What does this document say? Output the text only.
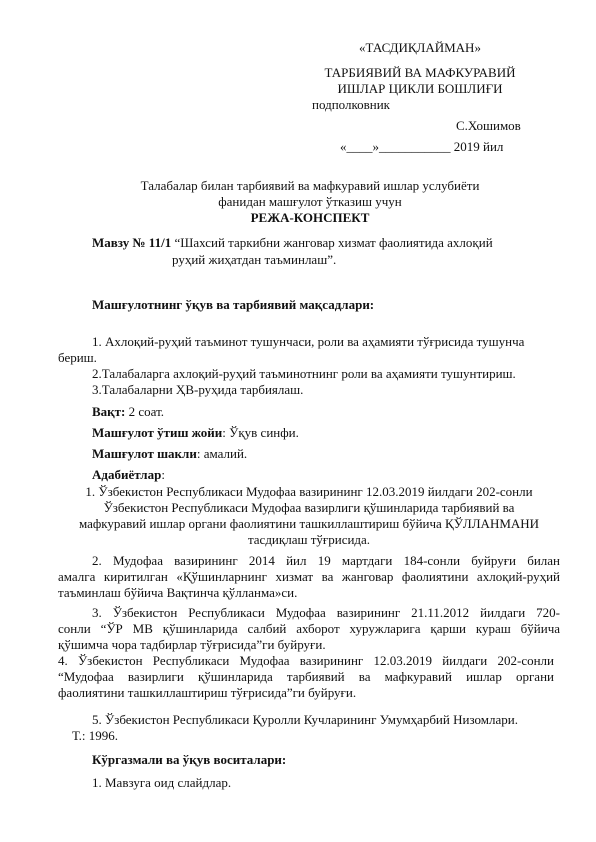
«ТАСДИҚЛАЙМАН»
ТАРБИЯВИЙ ВА МАФКУРАВИЙ
ИШЛАР ЦИКЛИ БОШЛИҒИ
подполковник
С.Хошимов
«____»___________ 2019 йил
Талабалар билан тарбиявий ва мафкуравий ишлар услубиёти
фанидан машғулот ўтказиш учун
РЕЖА-КОНСПЕКТ
Мавзу № 11/1 “Шахсий таркибни жанговар хизмат фаолиятида ахлоқий
руҳий жиҳатдан таъминлаш”.
Машғулотнинг ўқув ва тарбиявий мақсадлари:
1. Ахлоқий-руҳий таъминот тушунчаси, роли ва аҳамияти тўғрисида тушунча
бериш.
2.Талабаларга ахлоқий-руҳий таъминотнинг роли ва аҳамияти тушунтириш.
3.Талабаларни ҲВ-руҳида тарбиялаш.
Вақт: 2 соат.
Машғулот ўтиш жойи: Ўқув синфи.
Машғулот шакли: амалий.
Адабиётлар:
1. Ўзбекистон Республикаси Мудофаа вазирининг 12.03.2019 йилдаги 202-сонли
Ўзбекистон Республикаси Мудофаа вазирлиги қўшинларида тарбиявий ва
мафкуравий ишлар органи фаолиятини ташкиллаштириш бўйича ҚЎЛЛАНМАНИ
тасдиқлаш тўғрисида.
2. Мудофаа вазирининг 2014 йил 19 мартдаги 184-сонли буйруғи билан
амалга киритилган «Қўшинларнинг хизмат ва жанговар фаолиятини ахлоқий-руҳий
таъминлаш бўйича Вақтинча қўлланма»си.
3. Ўзбекистон Республикаси Мудофаа вазирининг 21.11.2012 йилдаги 720-
сонли “ЎР МВ қўшинларида салбий ахборот хуружларига қарши кураш бўйича
қўшимча чора тадбирлар тўғрисида”ги буйруғи.
4. Ўзбекистон Республикаси Мудофаа вазирининг 12.03.2019 йилдаги 202-сонли
“Мудофаа вазирлиги қўшинларида тарбиявий ва мафкуравий ишлар органи
фаолиятини ташкиллаштириш тўғрисида”ги буйруғи.
5. Ўзбекистон Республикаси Қуролли Кучларининг Умумҳарбий Низомлари.
Т.: 1996.
Кўргазмали ва ўқув воситалари:
1. Мавзуга оид слайдлар.
